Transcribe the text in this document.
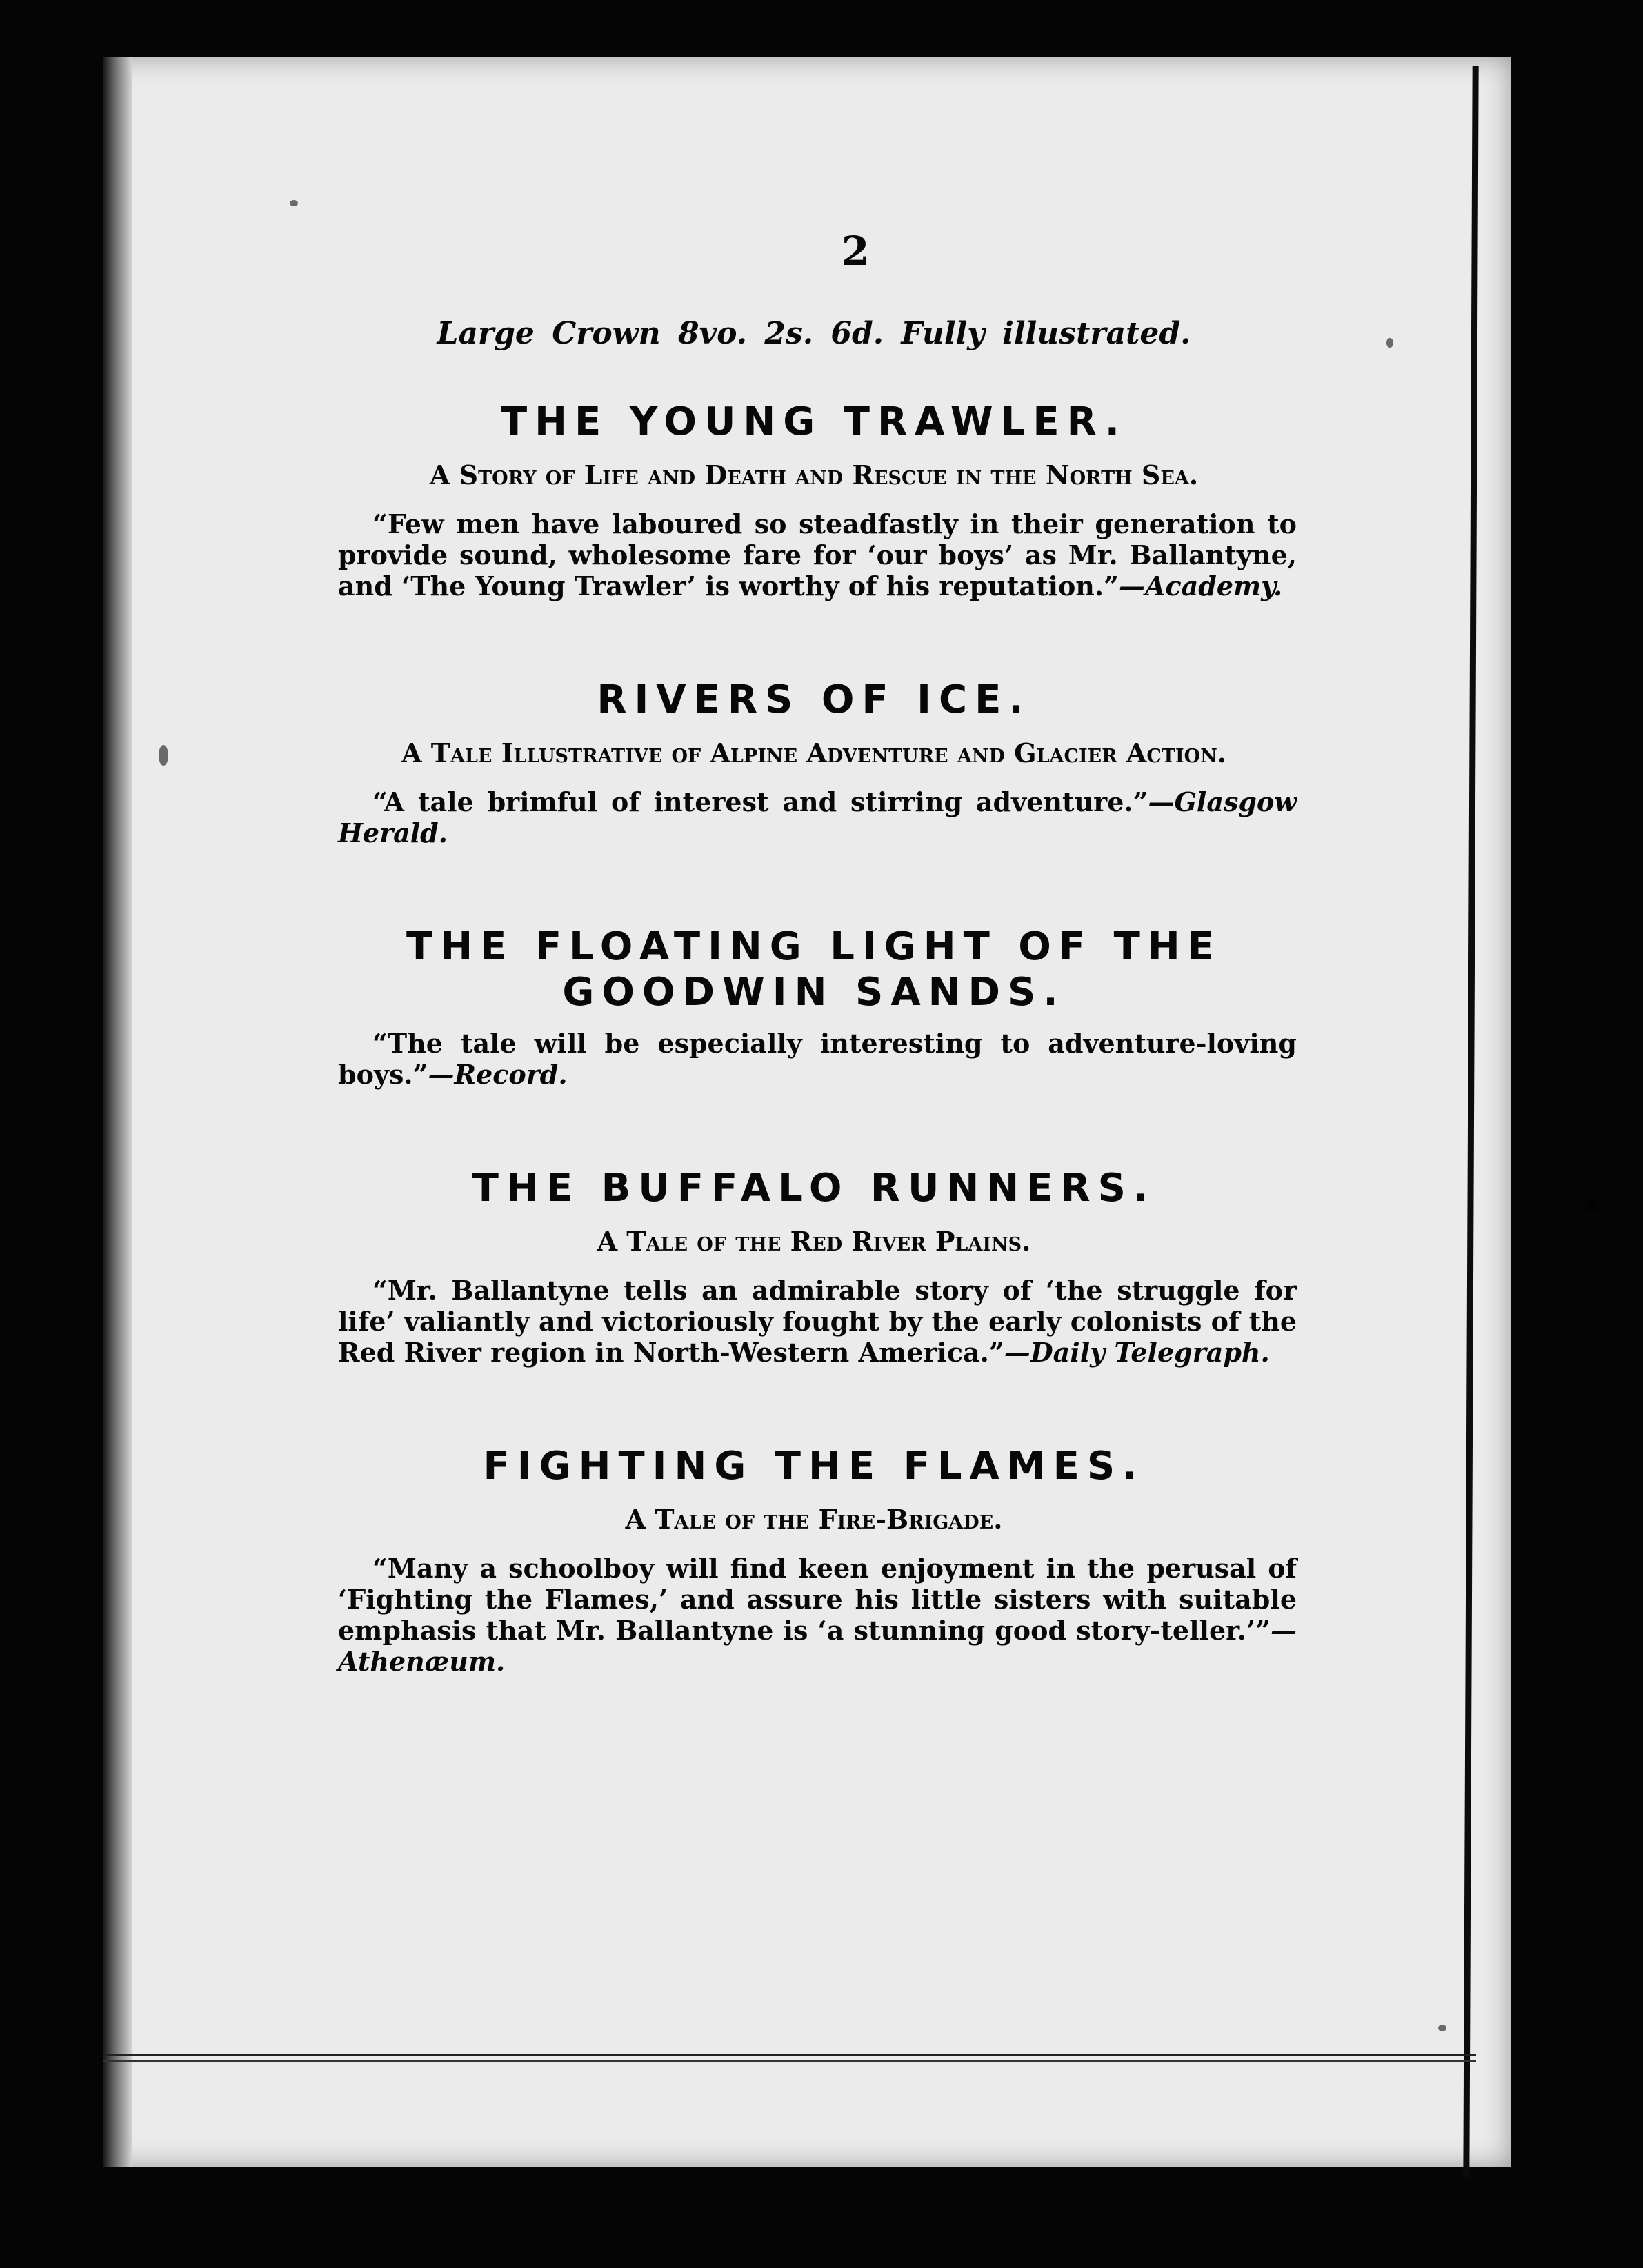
2
Large Crown 8vo. 2s. 6d. Fully illustrated.
THE YOUNG TRAWLER.
A Story of Life and Death and Rescue in the North Sea.

“Few men have laboured so steadfastly in their generation to provide sound, wholesome fare for ‘our boys’ as Mr. Ballantyne, and ‘The Young Trawler’ is worthy of his reputation.”—Academy.

RIVERS OF ICE.
A Tale Illustrative of Alpine Adventure and Glacier Action.

“A tale brimful of interest and stirring adventure.”—Glasgow Herald.

THE FLOATING LIGHT OF THE GOODWIN SANDS.

“The tale will be especially interesting to adventure-loving boys.”—Record.

THE BUFFALO RUNNERS.
A Tale of the Red River Plains.

“Mr. Ballantyne tells an admirable story of ‘the struggle for life’ valiantly and victoriously fought by the early colonists of the Red River region in North-Western America.”—Daily Telegraph.

FIGHTING THE FLAMES.
A Tale of the Fire-Brigade.

“Many a schoolboy will find keen enjoyment in the perusal of ‘Fighting the Flames,’ and assure his little sisters with suitable emphasis that Mr. Ballantyne is ‘a stunning good story-teller.’”—Athenæum.
